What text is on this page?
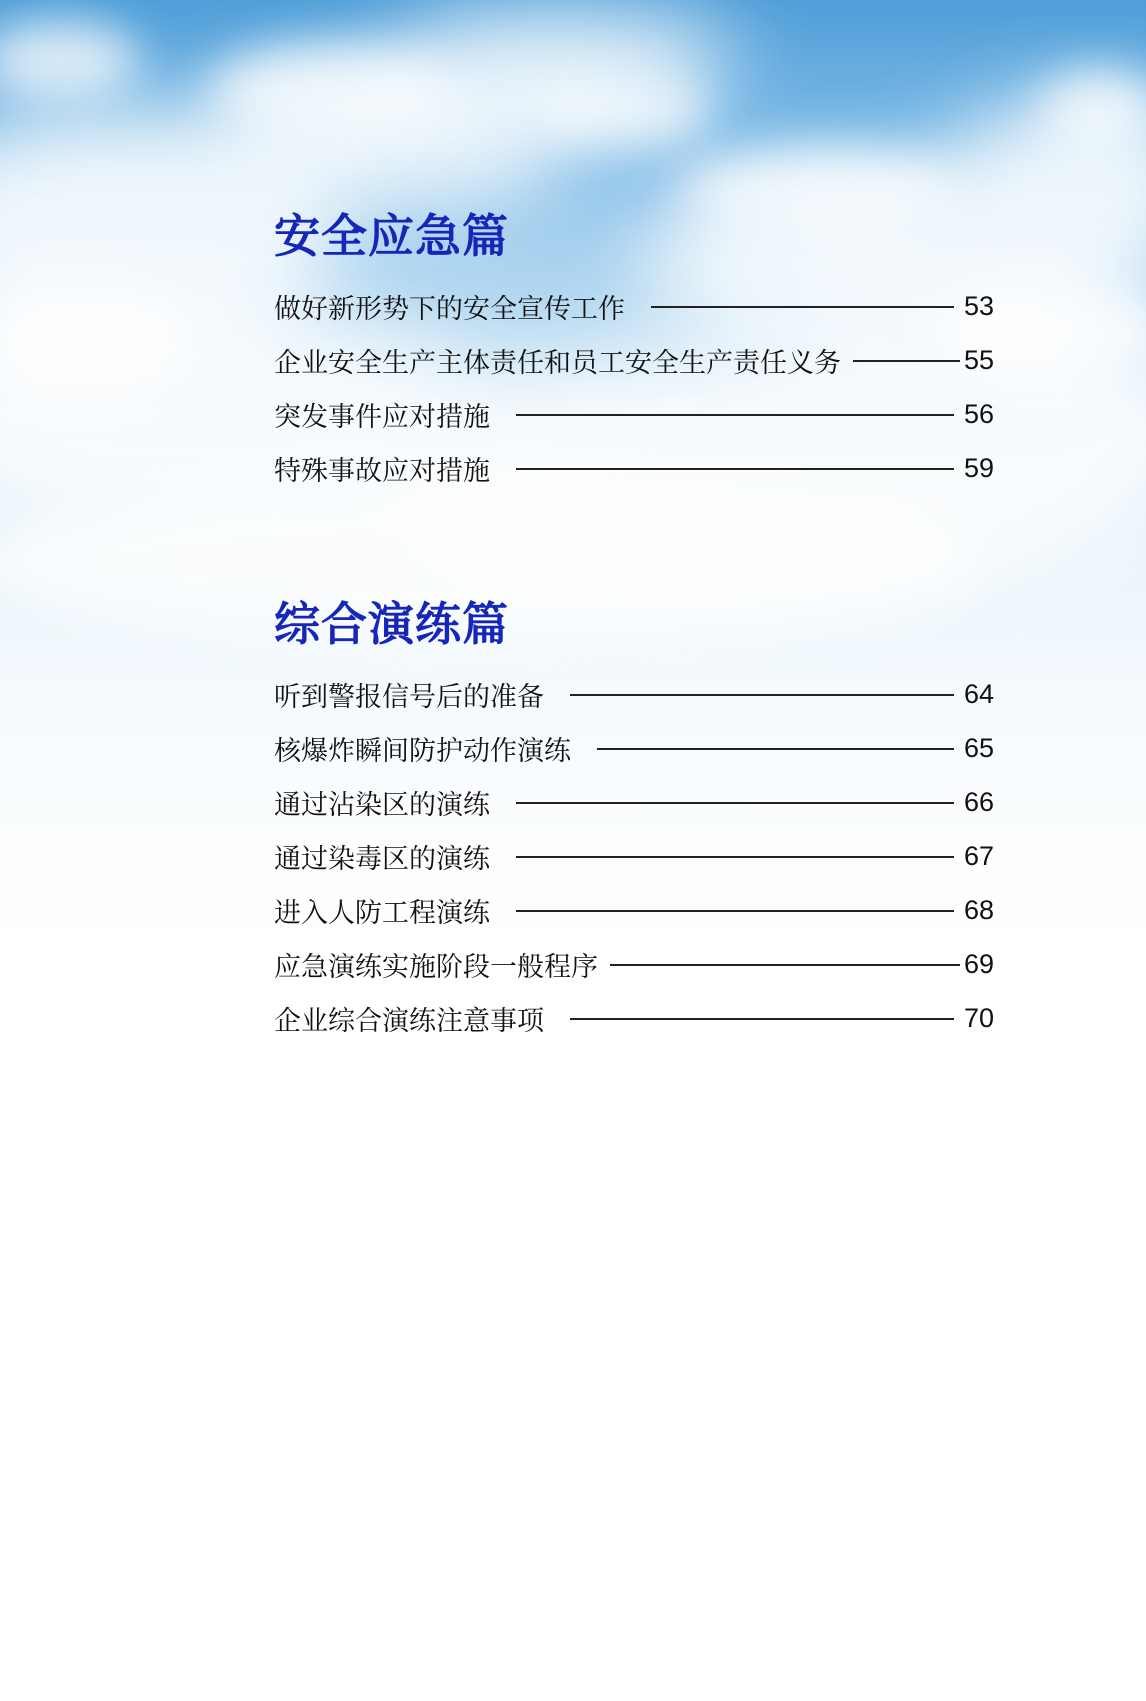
安全应急篇
做好新形势下的安全宣传工作	53
企业安全生产主体责任和员工安全生产责任义务	55
突发事件应对措施	56
特殊事故应对措施	59
综合演练篇
听到警报信号后的准备	64
核爆炸瞬间防护动作演练	65
通过沾染区的演练	66
通过染毒区的演练	67
进入人防工程演练	68
应急演练实施阶段一般程序	69
企业综合演练注意事项	70
